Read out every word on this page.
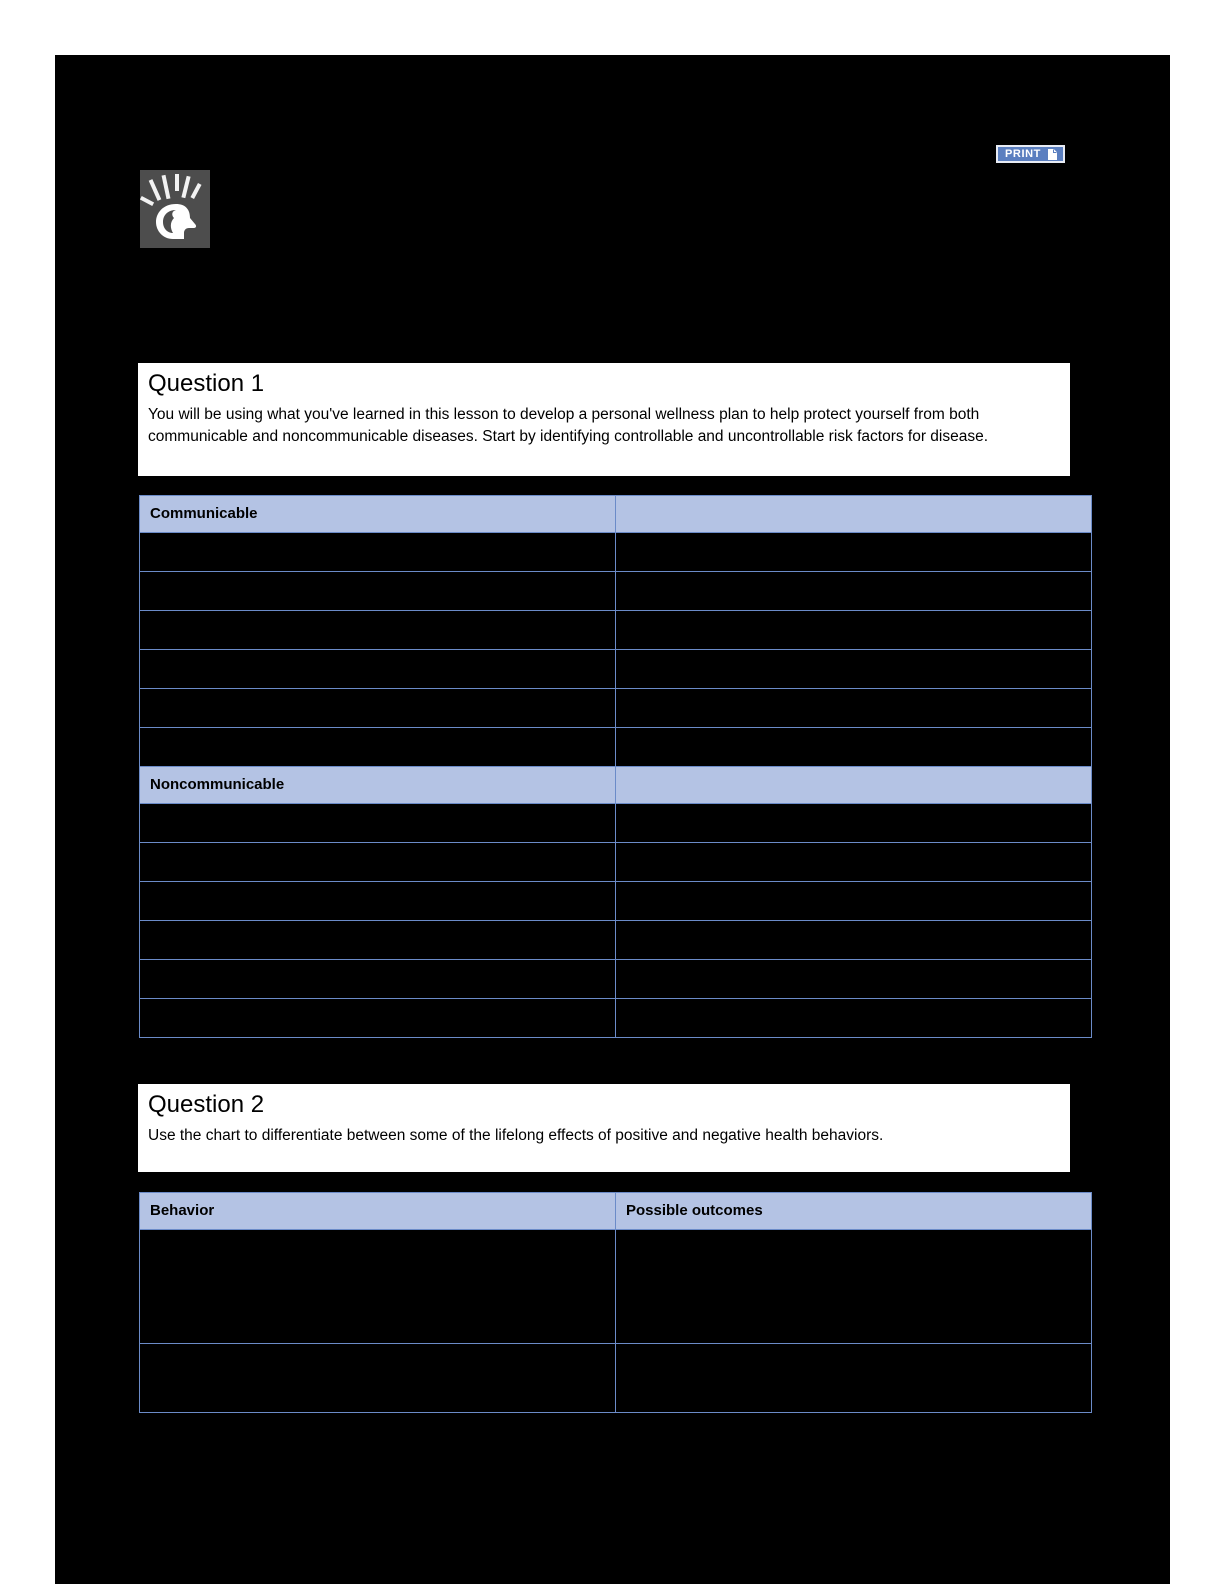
PRINT
Question 1
You will be using what you've learned in this lesson to develop a personal wellness plan to help protect yourself from both communicable and noncommunicable diseases. Start by identifying controllable and uncontrollable risk factors for disease.
Communicable	

Noncommunicable	

Question 2
Use the chart to differentiate between some of the lifelong effects of positive and negative health behaviors.
Behavior	Possible outcomes
